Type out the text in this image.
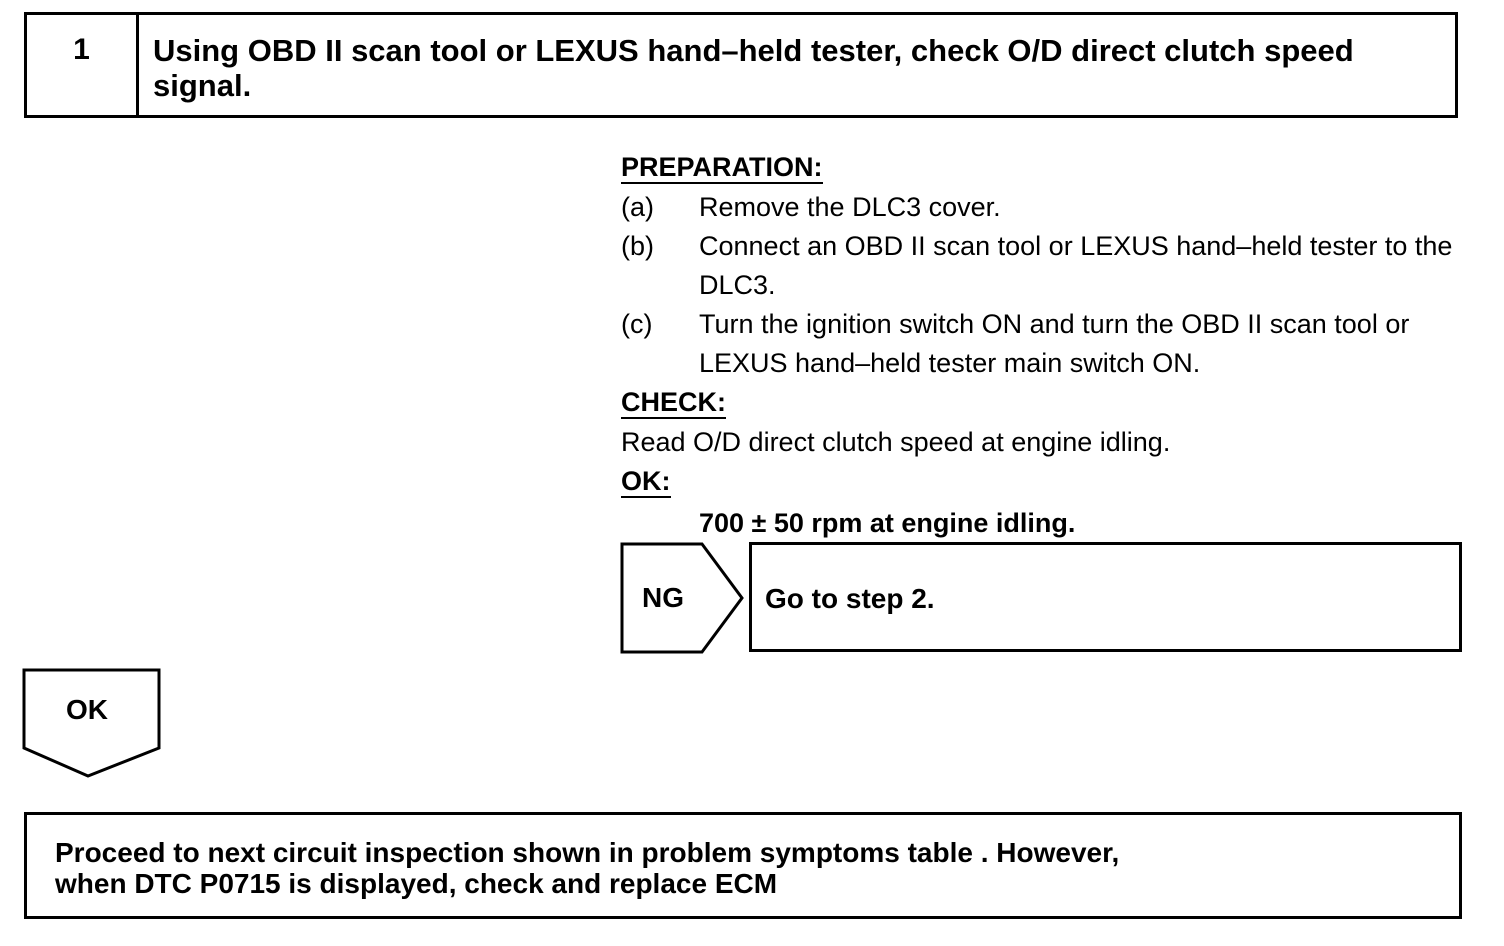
1	Using OBD II scan tool or LEXUS hand–held tester, check O/D direct clutch speed signal.
PREPARATION:
(a)	Remove the DLC3 cover.
(b)	Connect an OBD II scan tool or LEXUS hand–held tester to the DLC3.
(c)	Turn the ignition switch ON and turn the OBD II scan tool or LEXUS hand–held tester main switch ON.
CHECK:
Read O/D direct clutch speed at engine idling.
OK:
700 ± 50 rpm at engine idling.
NG	Go to step 2.
OK
Proceed to next circuit inspection shown in problem symptoms table . However,
when DTC P0715 is displayed, check and replace ECM
